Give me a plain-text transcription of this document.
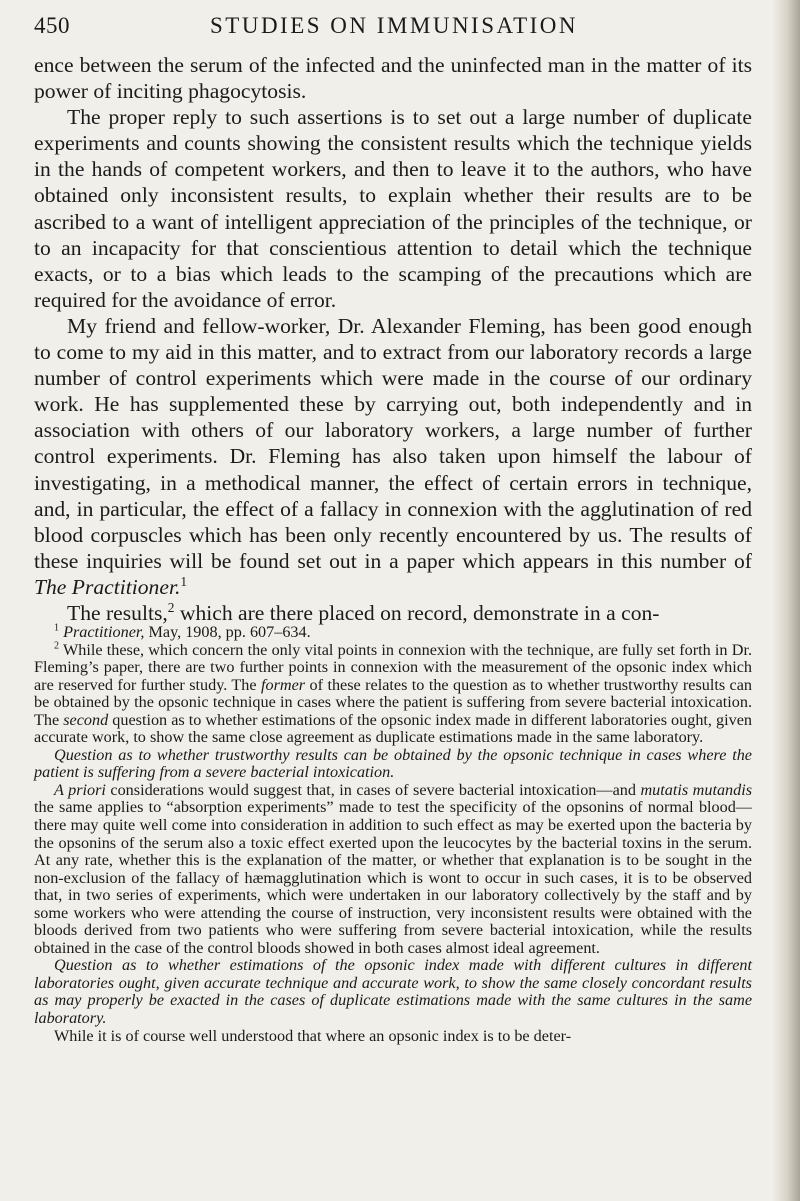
450	STUDIES ON IMMUNISATION

ence between the serum of the infected and the uninfected man in the matter of its power of inciting phagocytosis.

The proper reply to such assertions is to set out a large number of duplicate experiments and counts showing the consistent results which the technique yields in the hands of competent workers, and then to leave it to the authors, who have obtained only inconsistent results, to explain whether their results are to be ascribed to a want of intelligent appreciation of the principles of the technique, or to an incapacity for that conscientious attention to detail which the technique exacts, or to a bias which leads to the scamping of the precautions which are required for the avoidance of error.

My friend and fellow-worker, Dr. Alexander Fleming, has been good enough to come to my aid in this matter, and to extract from our laboratory records a large number of control experiments which were made in the course of our ordinary work. He has supplemented these by carrying out, both independently and in association with others of our laboratory workers, a large number of further control experiments. Dr. Fleming has also taken upon himself the labour of investigating, in a methodical manner, the effect of certain errors in technique, and, in particular, the effect of a fallacy in connexion with the agglutination of red blood corpuscles which has been only recently encountered by us. The results of these inquiries will be found set out in a paper which appears in this number of The Practitioner.$^1$

The results,$^2$ which are there placed on record, demonstrate in a con-

$^1$ Practitioner, May, 1908, pp. 607–634.

$^2$ While these, which concern the only vital points in connexion with the technique, are fully set forth in Dr. Fleming’s paper, there are two further points in connexion with the measurement of the opsonic index which are reserved for further study. The former of these relates to the question as to whether trustworthy results can be obtained by the opsonic technique in cases where the patient is suffering from severe bacterial intoxication. The second question as to whether estimations of the opsonic index made in different laboratories ought, given accurate work, to show the same close agreement as duplicate estimations made in the same laboratory.

Question as to whether trustworthy results can be obtained by the opsonic technique in cases where the patient is suffering from a severe bacterial intoxication.

A priori considerations would suggest that, in cases of severe bacterial intoxication—and mutatis mutandis the same applies to “absorption experiments” made to test the specificity of the opsonins of normal blood—there may quite well come into consideration in addition to such effect as may be exerted upon the bacteria by the opsonins of the serum also a toxic effect exerted upon the leucocytes by the bacterial toxins in the serum. At any rate, whether this is the explanation of the matter, or whether that explanation is to be sought in the non-exclusion of the fallacy of hæmagglutination which is wont to occur in such cases, it is to be observed that, in two series of experiments, which were undertaken in our laboratory collectively by the staff and by some workers who were attending the course of instruction, very inconsistent results were obtained with the bloods derived from two patients who were suffering from severe bacterial intoxication, while the results obtained in the case of the control bloods showed in both cases almost ideal agreement.

Question as to whether estimations of the opsonic index made with different cultures in different laboratories ought, given accurate technique and accurate work, to show the same closely concordant results as may properly be exacted in the cases of duplicate estimations made with the same cultures in the same laboratory.

While it is of course well understood that where an opsonic index is to be deter-
